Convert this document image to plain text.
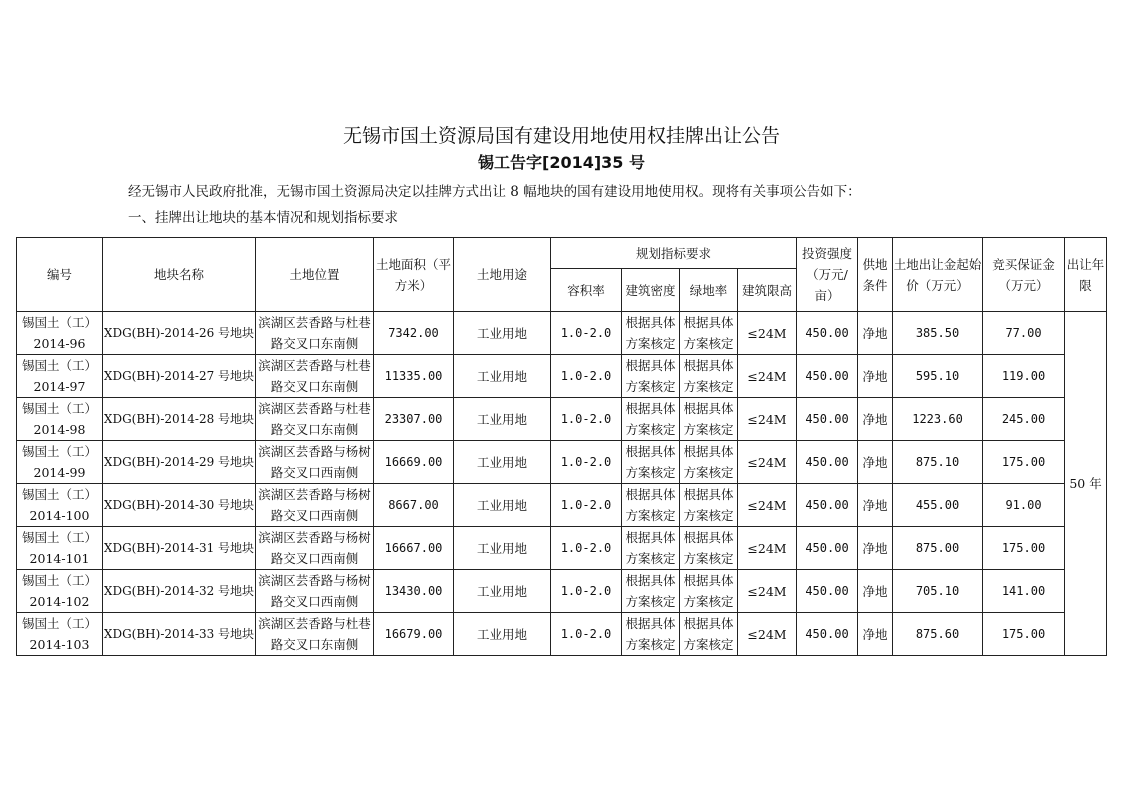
无锡市国土资源局国有建设用地使用权挂牌出让公告
锡工告字[2014]35 号
经无锡市人民政府批准，无锡市国土资源局决定以挂牌方式出让 8 幅地块的国有建设用地使用权。现将有关事项公告如下：
一、挂牌出让地块的基本情况和规划指标要求
编号	地块名称	土地位置	土地面积（平方米）	土地用途	规划指标要求				投资强度（万元/亩）	供地条件	土地出让金起始价（万元）	竞买保证金（万元）	出让年限
					容积率	建筑密度	绿地率	建筑限高					
锡国土（工）2014-96	XDG(BH)-2014-26 号地块	滨湖区芸香路与杜巷路交叉口东南侧	7342.00	工业用地	1.0-2.0	根据具体方案核定	根据具体方案核定	≤24M	450.00	净地	385.50	77.00	50 年
锡国土（工）2014-97	XDG(BH)-2014-27 号地块	滨湖区芸香路与杜巷路交叉口东南侧	11335.00	工业用地	1.0-2.0	根据具体方案核定	根据具体方案核定	≤24M	450.00	净地	595.10	119.00	
锡国土（工）2014-98	XDG(BH)-2014-28 号地块	滨湖区芸香路与杜巷路交叉口东南侧	23307.00	工业用地	1.0-2.0	根据具体方案核定	根据具体方案核定	≤24M	450.00	净地	1223.60	245.00	
锡国土（工）2014-99	XDG(BH)-2014-29 号地块	滨湖区芸香路与杨树路交叉口西南侧	16669.00	工业用地	1.0-2.0	根据具体方案核定	根据具体方案核定	≤24M	450.00	净地	875.10	175.00	
锡国土（工）2014-100	XDG(BH)-2014-30 号地块	滨湖区芸香路与杨树路交叉口西南侧	8667.00	工业用地	1.0-2.0	根据具体方案核定	根据具体方案核定	≤24M	450.00	净地	455.00	91.00	
锡国土（工）2014-101	XDG(BH)-2014-31 号地块	滨湖区芸香路与杨树路交叉口西南侧	16667.00	工业用地	1.0-2.0	根据具体方案核定	根据具体方案核定	≤24M	450.00	净地	875.00	175.00	
锡国土（工）2014-102	XDG(BH)-2014-32 号地块	滨湖区芸香路与杨树路交叉口西南侧	13430.00	工业用地	1.0-2.0	根据具体方案核定	根据具体方案核定	≤24M	450.00	净地	705.10	141.00	
锡国土（工）2014-103	XDG(BH)-2014-33 号地块	滨湖区芸香路与杜巷路交叉口东南侧	16679.00	工业用地	1.0-2.0	根据具体方案核定	根据具体方案核定	≤24M	450.00	净地	875.60	175.00	
